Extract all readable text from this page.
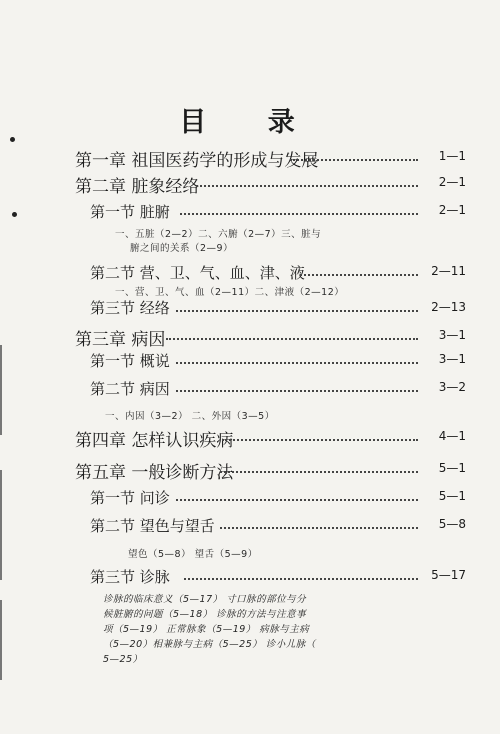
目 录
第一章 祖国医药学的形成与发展	1—1
第二章 脏象经络	2—1
第一节 脏腑	2—1
一、五脏（2—2）二、六腑（2—7）三、脏与
腑之间的关系（2—9）
第二节 营、卫、气、血、津、液	2—11
一、营、卫、气、血（2—11）二、津液（2—12）
第三节 经络	2—13
第三章 病因	3—1
第一节 概说	3—1
第二节 病因	3—2
一、内因（3—2） 二、外因（3—5）
第四章 怎样认识疾病	4—1
第五章 一般诊断方法	5—1
第一节 问诊	5—1
第二节 望色与望舌	5—8
望色（5—8） 望舌（5—9）
第三节 诊脉	5—17
诊脉的临床意义（5—17） 寸口脉的部位与分
候脏腑的问题（5—18） 诊脉的方法与注意事
项（5—19） 正常脉象（5—19） 病脉与主病
（5—20）相兼脉与主病（5—25） 诊小儿脉（
5—25）
